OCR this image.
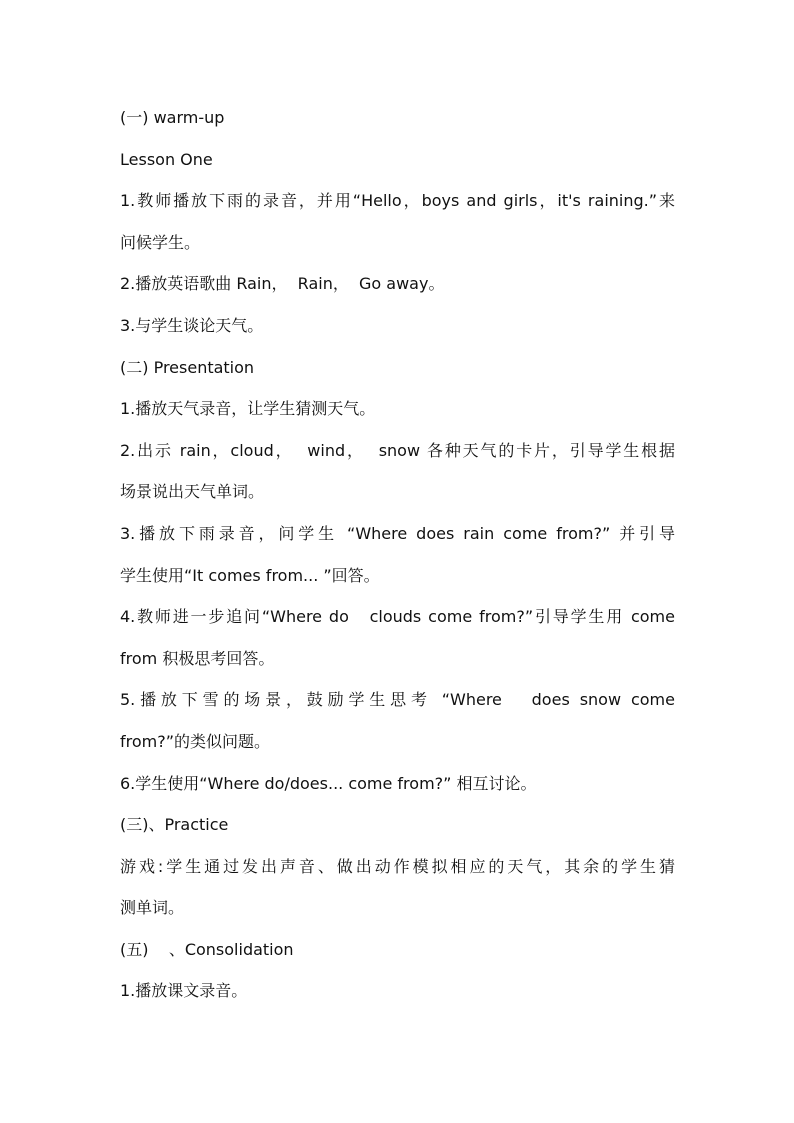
(一) warm-up
Lesson One
1.教师播放下雨的录音，并用“Hello，boys and girls，it's raining.”来
问候学生。
2.播放英语歌曲 Rain，  Rain，  Go away。
3.与学生谈论天气。
(二) Presentation
1.播放天气录音，让学生猜测天气。
2.出示 rain，cloud，  wind，  snow 各种天气的卡片，引导学生根据
场景说出天气单词。
3.播放下雨录音，问学生 “Where does rain come from?” 并引导
学生使用“It comes from... ”回答。
4.教师进一步追问“Where do   clouds come from?”引导学生用 come
from 积极思考回答。
5.播放下雪的场景，鼓励学生思考 “Where   does snow come
from?”的类似问题。
6.学生使用“Where do/does... come from?” 相互讨论。
(三)、Practice
游戏:学生通过发出声音、做出动作模拟相应的天气，其余的学生猜
测单词。
(五)    、Consolidation
1.播放课文录音。
